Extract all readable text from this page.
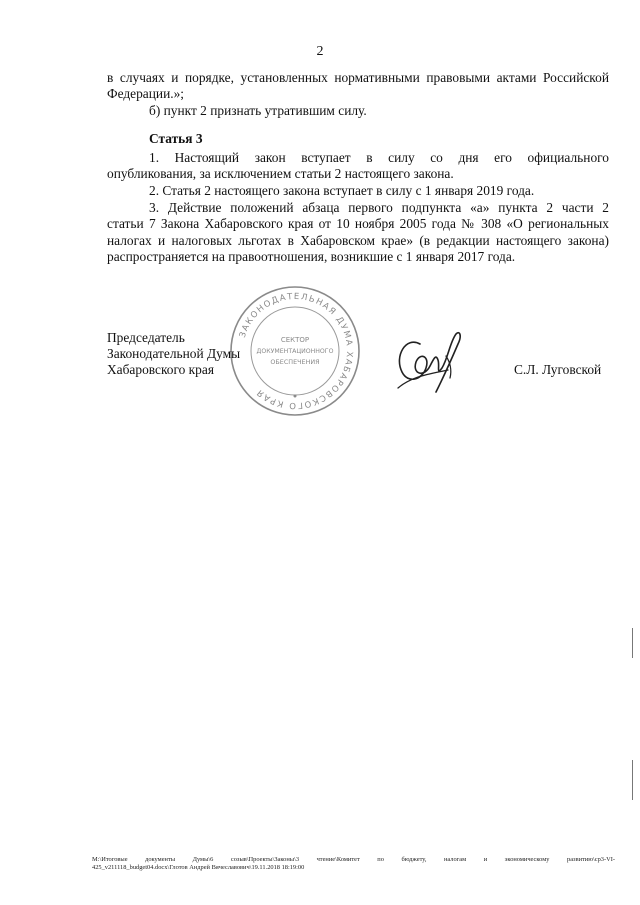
2

в случаях и порядке, установленных нормативными правовыми актами Российской

Федерации.»;

б) пункт 2 признать утратившим силу.

Статья 3

1. Настоящий закон вступает в силу со дня его официального

опубликования, за исключением статьи 2 настоящего закона.

2. Статья 2 настоящего закона вступает в силу с 1 января 2019 года.

3. Действие положений абзаца первого подпункта «а» пункта 2 части 2

статьи 7 Закона Хабаровского края от 10 ноября 2005 года № 308 «О региональных

налогах и налоговых льготах в Хабаровском крае» (в редакции настоящего закона)

распространяется на правоотношения, возникшие с 1 января 2017 года.

ЗАКОНОДАТЕЛЬНАЯ ДУМА ХАБАРОВСКОГО КРАЯ
СЕКТОР
ДОКУМЕНТАЦИОННОГО
ОБЕСПЕЧЕНИЯ

Председатель

Законодательной Думы

Хабаровского края	С.Л. Луговской

M:\Итоговые документы Думы\6 созыв\Проекты\Законы\3 чтение\Комитет по бюджету, налогам и экономическому развитию\ср3-VI-

425_v211118_budget04.docx\Глотов Андрей Вячеславович\19.11.2018 18:19:00
